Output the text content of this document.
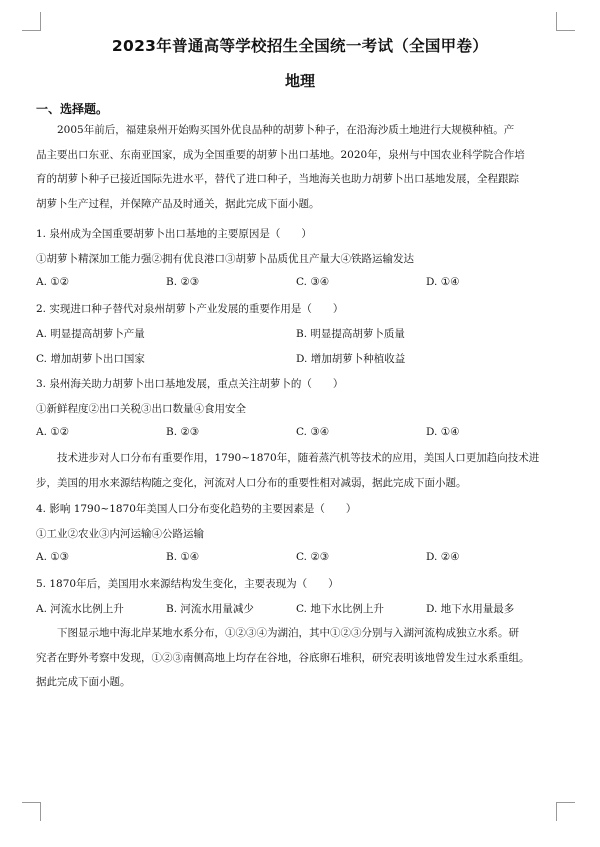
2023年普通高等学校招生全国统一考试（全国甲卷）
地理
一、选择题。
2005年前后，福建泉州开始购买国外优良品种的胡萝卜种子，在沿海沙质土地进行大规模种植。产
品主要出口东亚、东南亚国家，成为全国重要的胡萝卜出口基地。2020年，泉州与中国农业科学院合作培
育的胡萝卜种子已接近国际先进水平，替代了进口种子，当地海关也助力胡萝卜出口基地发展，全程跟踪
胡萝卜生产过程，并保障产品及时通关，据此完成下面小题。
1. 泉州成为全国重要胡萝卜出口基地的主要原因是（　　）
①胡萝卜精深加工能力强②拥有优良港口③胡萝卜品质优且产量大④铁路运输发达
A. ①②	B. ②③	C. ③④	D. ①④
2. 实现进口种子替代对泉州胡萝卜产业发展的重要作用是（　　）
A. 明显提高胡萝卜产量	B. 明显提高胡萝卜质量
C. 增加胡萝卜出口国家	D. 增加胡萝卜种植收益
3. 泉州海关助力胡萝卜出口基地发展，重点关注胡萝卜的（　　）
①新鲜程度②出口关税③出口数量④食用安全
A. ①②	B. ②③	C. ③④	D. ①④
技术进步对人口分布有重要作用，1790~1870年，随着蒸汽机等技术的应用，美国人口更加趋向技术进
步，美国的用水来源结构随之变化，河流对人口分布的重要性相对减弱，据此完成下面小题。
4. 影响 1790~1870年美国人口分布变化趋势的主要因素是（　　）
①工业②农业③内河运输④公路运输
A. ①③	B. ①④	C. ②③	D. ②④
5. 1870年后，美国用水来源结构发生变化，主要表现为（　　）
A. 河流水比例上升	B. 河流水用量减少	C. 地下水比例上升	D. 地下水用量最多
下图显示地中海北岸某地水系分布，①②③④为湖泊，其中①②③分别与入湖河流构成独立水系。研
究者在野外考察中发现，①②③南侧高地上均存在谷地，谷底卵石堆积，研究表明该地曾发生过水系重组。
据此完成下面小题。
